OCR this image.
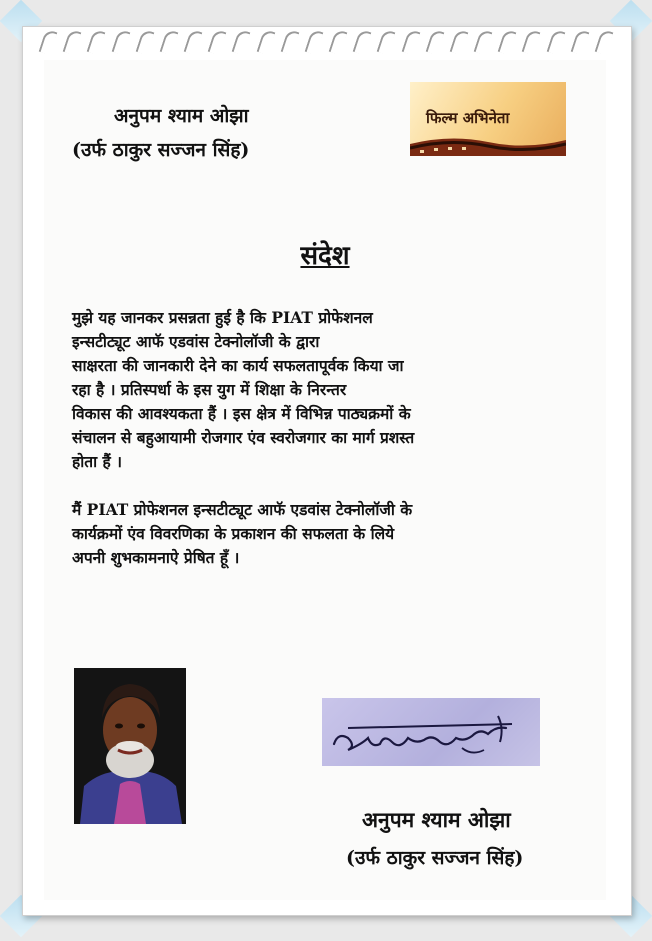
अनुपम श्याम ओझा
(उर्फ ठाकुर सज्जन सिंह)
फिल्म अभिनेता
संदेश
मुझे यह जानकर प्रसन्नता हुई है कि PIAT प्रोफेशनल
इन्सटीट्यूट आफॅ एडवांस टेक्नोलॉजी के द्वारा
साक्षरता की जानकारी देने का कार्य सफलतापूर्वक किया जा
रहा है । प्रतिस्पर्धा के इस युग में शिक्षा के निरन्तर
विकास की आवश्यकता हैं । इस क्षेत्र में विभिन्न पाठ्यक्रमों के
संचालन से बहुआयामी रोजगार एंव स्वरोजगार का मार्ग प्रशस्त
होता हैं ।
मैं PIAT प्रोफेशनल इन्सटीट्यूट आफॅ एडवांस टेक्नोलॉजी के
कार्यक्रमों एंव विवरणिका के प्रकाशन की सफलता के लिये
अपनी शुभकामनाऐ प्रेषित हूँ ।
अनुपम श्याम ओझा
(उर्फ ठाकुर सज्जन सिंह)
